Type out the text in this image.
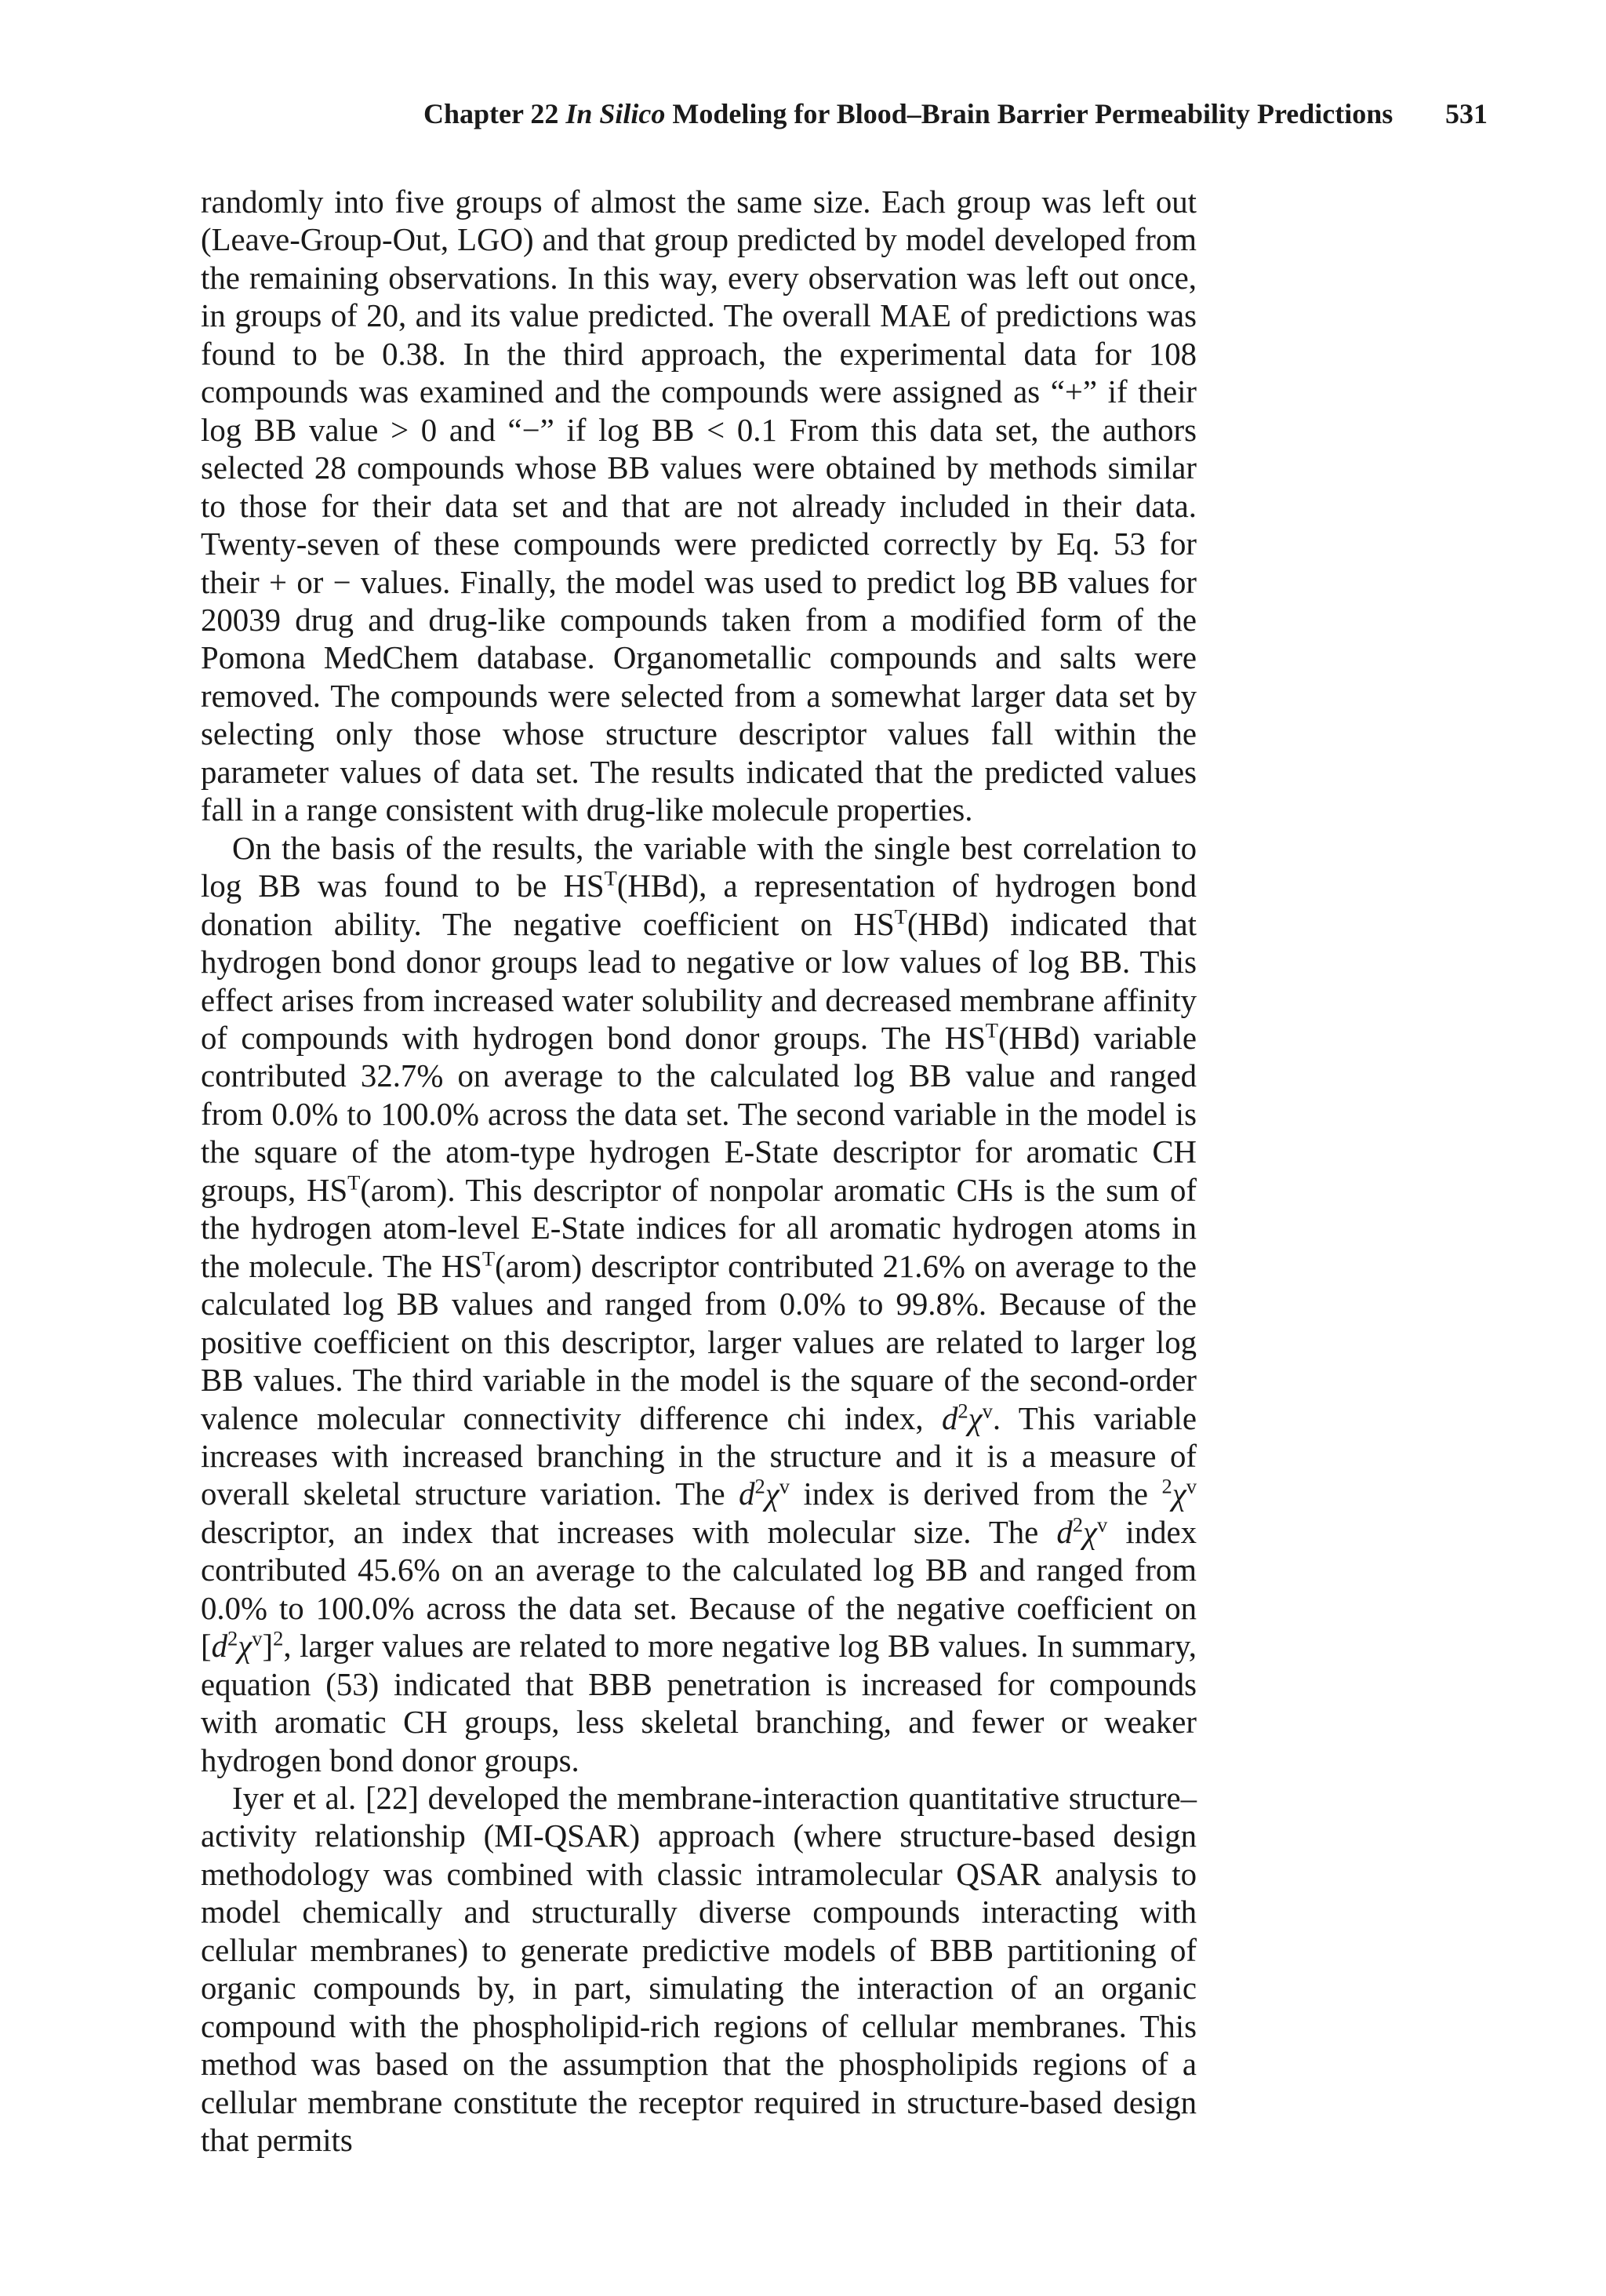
Chapter 22 In Silico Modeling for Blood–Brain Barrier Permeability Predictions 531

randomly into five groups of almost the same size. Each group was left out (Leave-Group-Out, LGO) and that group predicted by model developed from the remaining observations. In this way, every observation was left out once, in groups of 20, and its value predicted. The overall MAE of predictions was found to be 0.38. In the third approach, the experimental data for 108 compounds was examined and the compounds were assigned as “+” if their log BB value > 0 and “−” if log BB < 0.1 From this data set, the authors selected 28 compounds whose BB values were obtained by methods similar to those for their data set and that are not already included in their data. Twenty-seven of these compounds were predicted correctly by Eq. 53 for their + or − values. Finally, the model was used to predict log BB values for 20039 drug and drug-like compounds taken from a modified form of the Pomona MedChem database. Organometallic compounds and salts were removed. The compounds were selected from a somewhat larger data set by selecting only those whose structure descriptor values fall within the parameter values of data set. The results indicated that the predicted values fall in a range consistent with drug-like molecule properties.

On the basis of the results, the variable with the single best correlation to log BB was found to be $HS^T(HBd)$, a representation of hydrogen bond donation ability. The negative coefficient on $HS^T(HBd)$ indicated that hydrogen bond donor groups lead to negative or low values of log BB. This effect arises from increased water solubility and decreased membrane affinity of compounds with hydrogen bond donor groups. The $HS^T(HBd)$ variable contributed 32.7% on average to the calculated log BB value and ranged from 0.0% to 100.0% across the data set. The second variable in the model is the square of the atom-type hydrogen E-State descriptor for aromatic CH groups, $HS^T(arom)$. This descriptor of nonpolar aromatic CHs is the sum of the hydrogen atom-level E-State indices for all aromatic hydrogen atoms in the molecule. The $HS^T(arom)$ descriptor contributed 21.6% on average to the calculated log BB values and ranged from 0.0% to 99.8%. Because of the positive coefficient on this descriptor, larger values are related to larger log BB values. The third variable in the model is the square of the second-order valence molecular connectivity difference chi index, $d^2\chi^v$. This variable increases with increased branching in the structure and it is a measure of overall skeletal structure variation. The $d^2\chi^v$ index is derived from the $^2\chi^v$ descriptor, an index that increases with molecular size. The $d^2\chi^v$ index contributed 45.6% on an average to the calculated log BB and ranged from 0.0% to 100.0% across the data set. Because of the negative coefficient on $[d^2\chi^v]^2$, larger values are related to more negative log BB values. In summary, equation (53) indicated that BBB penetration is increased for compounds with aromatic CH groups, less skeletal branching, and fewer or weaker hydrogen bond donor groups.

Iyer et al. [22] developed the membrane-interaction quantitative structure–activity relationship (MI-QSAR) approach (where structure-based design methodology was combined with classic intramolecular QSAR analysis to model chemically and structurally diverse compounds interacting with cellular membranes) to generate predictive models of BBB partitioning of organic compounds by, in part, simulating the interaction of an organic compound with the phospholipid-rich regions of cellular membranes. This method was based on the assumption that the phospholipids regions of a cellular membrane constitute the receptor required in structure-based design that permits
